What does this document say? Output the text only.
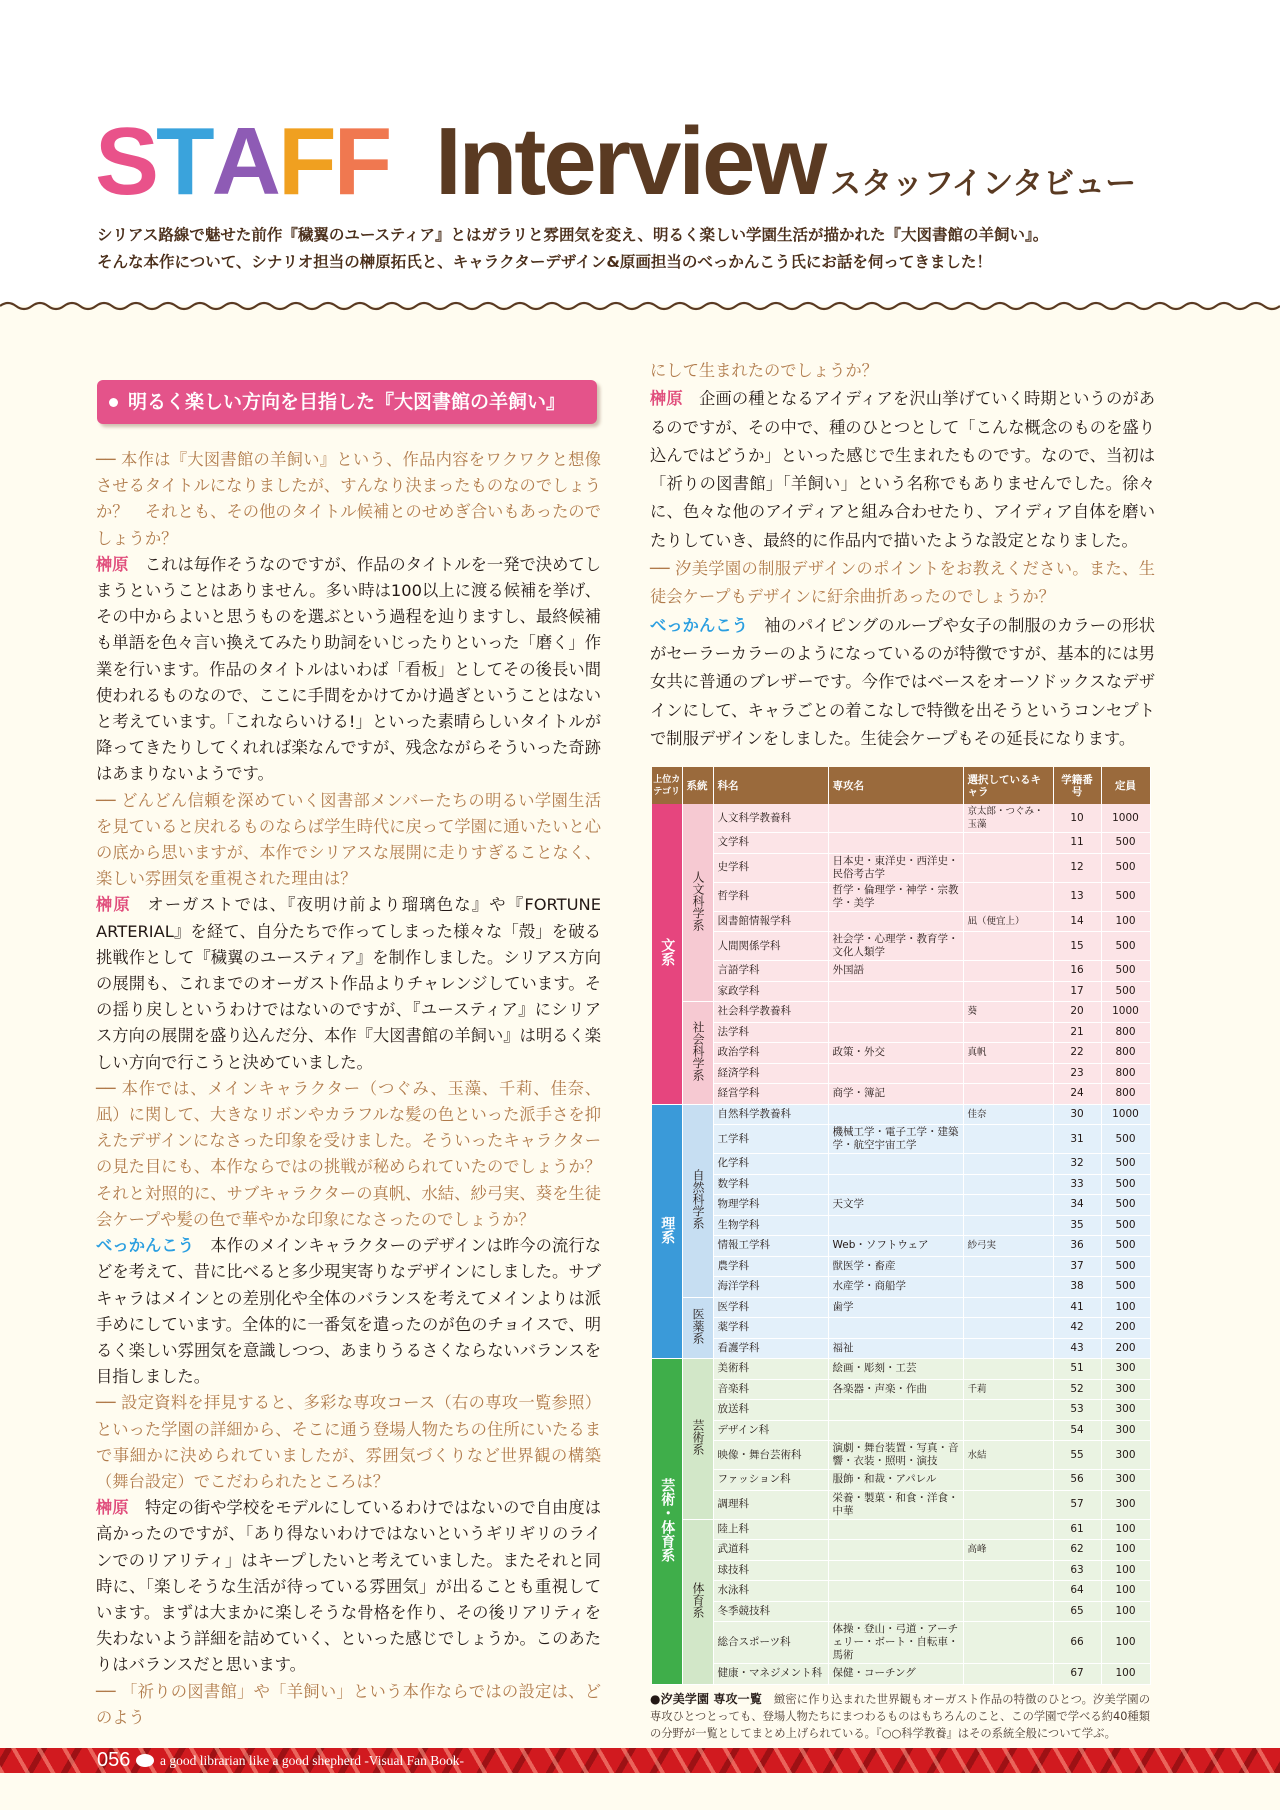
STAFF Interview スタッフインタビュー
シリアス路線で魅せた前作『穢翼のユースティア』とはガラリと雰囲気を変え、明るく楽しい学園生活が描かれた『大図書館の羊飼い』。
そんな本作について、シナリオ担当の榊原拓氏と、キャラクターデザイン&原画担当のべっかんこう氏にお話を伺ってきました！
明るく楽しい方向を目指した『大図書館の羊飼い』

── 本作は『大図書館の羊飼い』という、作品内容をワクワクと想像させるタイトルになりましたが、すんなり決まったものなのでしょうか？　それとも、その他のタイトル候補とのせめぎ合いもあったのでしょうか？

榊原 これは毎作そうなのですが、作品のタイトルを一発で決めてしまうということはありません。多い時は100以上に渡る候補を挙げ、その中からよいと思うものを選ぶという過程を辿りますし、最終候補も単語を色々言い換えてみたり助詞をいじったりといった「磨く」作業を行います。作品のタイトルはいわば「看板」としてその後長い間使われるものなので、ここに手間をかけてかけ過ぎということはないと考えています。「これならいける!」といった素晴らしいタイトルが降ってきたりしてくれれば楽なんですが、残念ながらそういった奇跡はあまりないようです。

── どんどん信頼を深めていく図書部メンバーたちの明るい学園生活を見ていると戻れるものならば学生時代に戻って学園に通いたいと心の底から思いますが、本作でシリアスな展開に走りすぎることなく、楽しい雰囲気を重視された理由は？

榊原 オーガストでは、『夜明け前より瑠璃色な』や『FORTUNE ARTERIAL』を経て、自分たちで作ってしまった様々な「殻」を破る挑戦作として『穢翼のユースティア』を制作しました。シリアス方向の展開も、これまでのオーガスト作品よりチャレンジしています。その揺り戻しというわけではないのですが、『ユースティア』にシリアス方向の展開を盛り込んだ分、本作『大図書館の羊飼い』は明るく楽しい方向で行こうと決めていました。

── 本作では、メインキャラクター（つぐみ、玉藻、千莉、佳奈、凪）に関して、大きなリボンやカラフルな髪の色といった派手さを抑えたデザインになさった印象を受けました。そういったキャラクターの見た目にも、本作ならではの挑戦が秘められていたのでしょうか？　それと対照的に、サブキャラクターの真帆、水結、紗弓実、葵を生徒会ケープや髪の色で華やかな印象になさったのでしょうか？

べっかんこう 本作のメインキャラクターのデザインは昨今の流行などを考えて、昔に比べると多少現実寄りなデザインにしました。サブキャラはメインとの差別化や全体のバランスを考えてメインよりは派手めにしています。全体的に一番気を遣ったのが色のチョイスで、明るく楽しい雰囲気を意識しつつ、あまりうるさくならないバランスを目指しました。

── 設定資料を拝見すると、多彩な専攻コース（右の専攻一覧参照）といった学園の詳細から、そこに通う登場人物たちの住所にいたるまで事細かに決められていましたが、雰囲気づくりなど世界観の構築（舞台設定）でこだわられたところは？

榊原 特定の街や学校をモデルにしているわけではないので自由度は高かったのですが、「あり得ないわけではないというギリギリのラインでのリアリティ」はキープしたいと考えていました。またそれと同時に、「楽しそうな生活が待っている雰囲気」が出ることも重視しています。まずは大まかに楽しそうな骨格を作り、その後リアリティを失わないよう詳細を詰めていく、といった感じでしょうか。このあたりはバランスだと思います。

── 「祈りの図書館」や「羊飼い」という本作ならではの設定は、どのよう

にして生まれたのでしょうか？

榊原 企画の種となるアイディアを沢山挙げていく時期というのがあるのですが、その中で、種のひとつとして「こんな概念のものを盛り込んではどうか」といった感じで生まれたものです。なので、当初は「祈りの図書館」「羊飼い」という名称でもありませんでした。徐々に、色々な他のアイディアと組み合わせたり、アイディア自体を磨いたりしていき、最終的に作品内で描いたような設定となりました。

── 汐美学園の制服デザインのポイントをお教えください。また、生徒会ケープもデザインに紆余曲折あったのでしょうか？

べっかんこう 袖のパイピングのループや女子の制服のカラーの形状がセーラーカラーのようになっているのが特徴ですが、基本的には男女共に普通のブレザーです。今作ではベースをオーソドックスなデザインにして、キャラごとの着こなしで特徴を出そうというコンセプトで制服デザインをしました。生徒会ケープもその延長になります。

上位カテゴリ	系統	科名	専攻名	選択しているキャラ	学籍番号	定員
文系	人文科学系	人文科学教養科		京太郎・つぐみ・玉藻	10	1000
		文学科			11	500
		史学科	日本史・東洋史・西洋史・民俗考古学		12	500
		哲学科	哲学・倫理学・神学・宗教学・美学		13	500
		図書館情報学科		凪（便宜上）	14	100
		人間関係学科	社会学・心理学・教育学・文化人類学		15	500
		言語学科	外国語		16	500
		家政学科			17	500
	社会科学系	社会科学教養科		葵	20	1000
		法学科			21	800
		政治学科	政策・外交	真帆	22	800
		経済学科			23	800
		経営学科	商学・簿記		24	800
理系	自然科学系	自然科学教養科		佳奈	30	1000
		工学科	機械工学・電子工学・建築学・航空宇宙工学		31	500
		化学科			32	500
		数学科			33	500
		物理学科	天文学		34	500
		生物学科			35	500
		情報工学科	Web・ソフトウェア	紗弓実	36	500
		農学科	獣医学・畜産		37	500
		海洋学科	水産学・商船学		38	500
	医薬系	医学科	歯学		41	100
		薬学科			42	200
		看護学科	福祉		43	200
芸術・体育系	芸術系	美術科	絵画・彫刻・工芸		51	300
		音楽科	各楽器・声楽・作曲	千莉	52	300
		放送科			53	300
		デザイン科			54	300
		映像・舞台芸術科	演劇・舞台装置・写真・音響・衣装・照明・演技	水結	55	300
		ファッション科	服飾・和裁・アパレル		56	300
		調理科	栄養・製菓・和食・洋食・中華		57	300
	体育系	陸上科			61	100
		武道科		高峰	62	100
		球技科			63	100
		水泳科			64	100
		冬季競技科			65	100
		総合スポーツ科	体操・登山・弓道・アーチェリー・ボート・自転車・馬術		66	100
		健康・マネジメント科	保健・コーチング		67	100
●汐美学園 専攻一覧 緻密に作り込まれた世界観もオーガスト作品の特徴のひとつ。汐美学園の専攻ひとつとっても、登場人物たちにまつわるものはもちろんのこと、この学園で学べる約40種類の分野が一覧としてまとめ上げられている。『○○科学教養』はその系統全般について学ぶ。
056 a good librarian like a good shepherd -Visual Fan Book-
